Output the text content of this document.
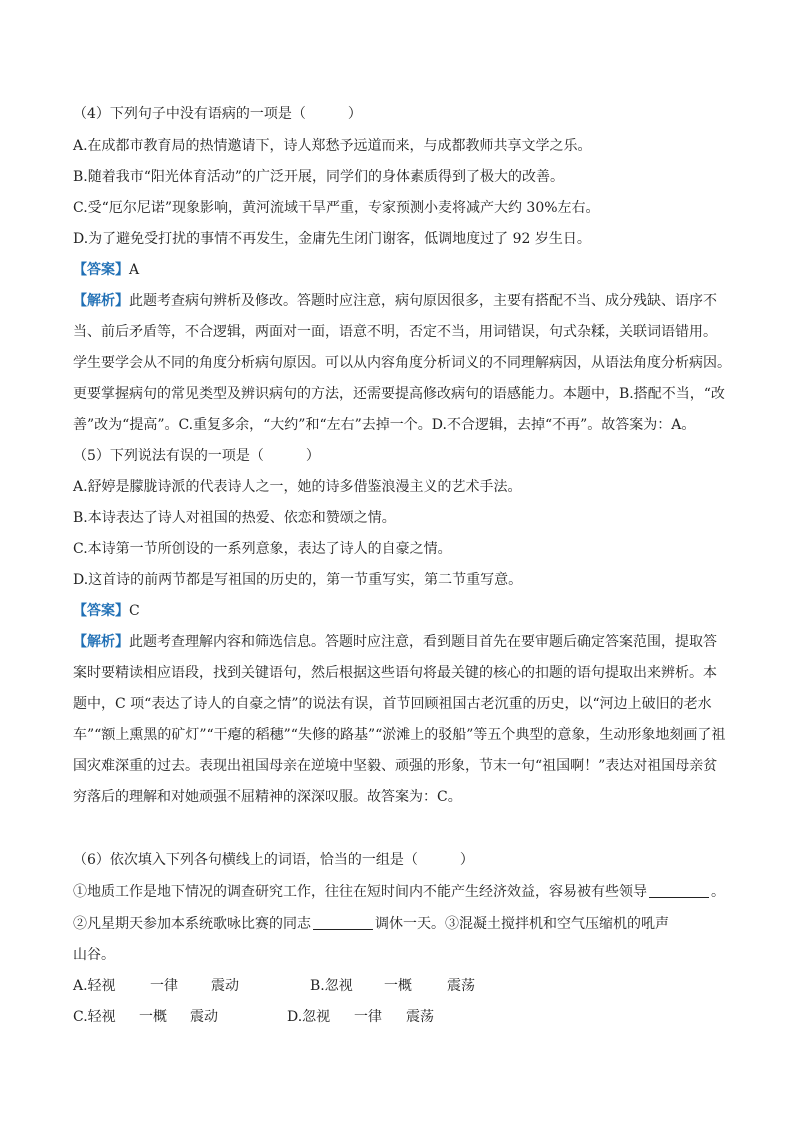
（4）下列句子中没有语病的一项是（　　　）
A.在成都市教育局的热情邀请下，诗人郑愁予远道而来，与成都教师共享文学之乐。
B.随着我市“阳光体育活动”的广泛开展，同学们的身体素质得到了极大的改善。
C.受“厄尔尼诺”现象影响，黄河流域干旱严重，专家预测小麦将减产大约 30%左右。
D.为了避免受打扰的事情不再发生，金庸先生闭门谢客，低调地度过了 92 岁生日。
【答案】A
【解析】此题考查病句辨析及修改。答题时应注意，病句原因很多，主要有搭配不当、成分残缺、语序不
当、前后矛盾等，不合逻辑，两面对一面，语意不明，否定不当，用词错误，句式杂糅，关联词语错用。
学生要学会从不同的角度分析病句原因。可以从内容角度分析词义的不同理解病因，从语法角度分析病因。
更要掌握病句的常见类型及辨识病句的方法，还需要提高修改病句的语感能力。本题中，B.搭配不当，“改
善”改为“提高”。C.重复多余，“大约”和“左右”去掉一个。D.不合逻辑，去掉“不再”。故答案为：A。
（5）下列说法有误的一项是（　　　）
A.舒婷是朦胧诗派的代表诗人之一，她的诗多借鉴浪漫主义的艺术手法。
B.本诗表达了诗人对祖国的热爱、依恋和赞颂之情。
C.本诗第一节所创设的一系列意象，表达了诗人的自豪之情。
D.这首诗的前两节都是写祖国的历史的，第一节重写实，第二节重写意。
【答案】C
【解析】此题考查理解内容和筛选信息。答题时应注意，看到题目首先在要审题后确定答案范围，提取答
案时要精读相应语段，找到关键语句，然后根据这些语句将最关键的核心的扣题的语句提取出来辨析。本
题中，C 项“表达了诗人的自豪之情”的说法有误，首节回顾祖国古老沉重的历史，以“河边上破旧的老水
车”“额上熏黑的矿灯”“干瘪的稻穗”“失修的路基”“淤滩上的驳船”等五个典型的意象，生动形象地刻画了祖
国灾难深重的过去。表现出祖国母亲在逆境中坚毅、顽强的形象，节末一句“祖国啊！”表达对祖国母亲贫
穷落后的理解和对她顽强不屈精神的深深叹服。故答案为：C。
（6）依次填入下列各句横线上的词语，恰当的一组是（　　　）
①地质工作是地下情况的调查研究工作，往往在短时间内不能产生经济效益，容易被有些领导	。
②凡星期天参加本系统歌咏比赛的同志	调休一天。③混凝土搅拌机和空气压缩机的吼声
山谷。
A.轻视 一律 震动	B.忽视 一概	震荡
C.轻视 一概 震动	D.忽视 一律 震荡
